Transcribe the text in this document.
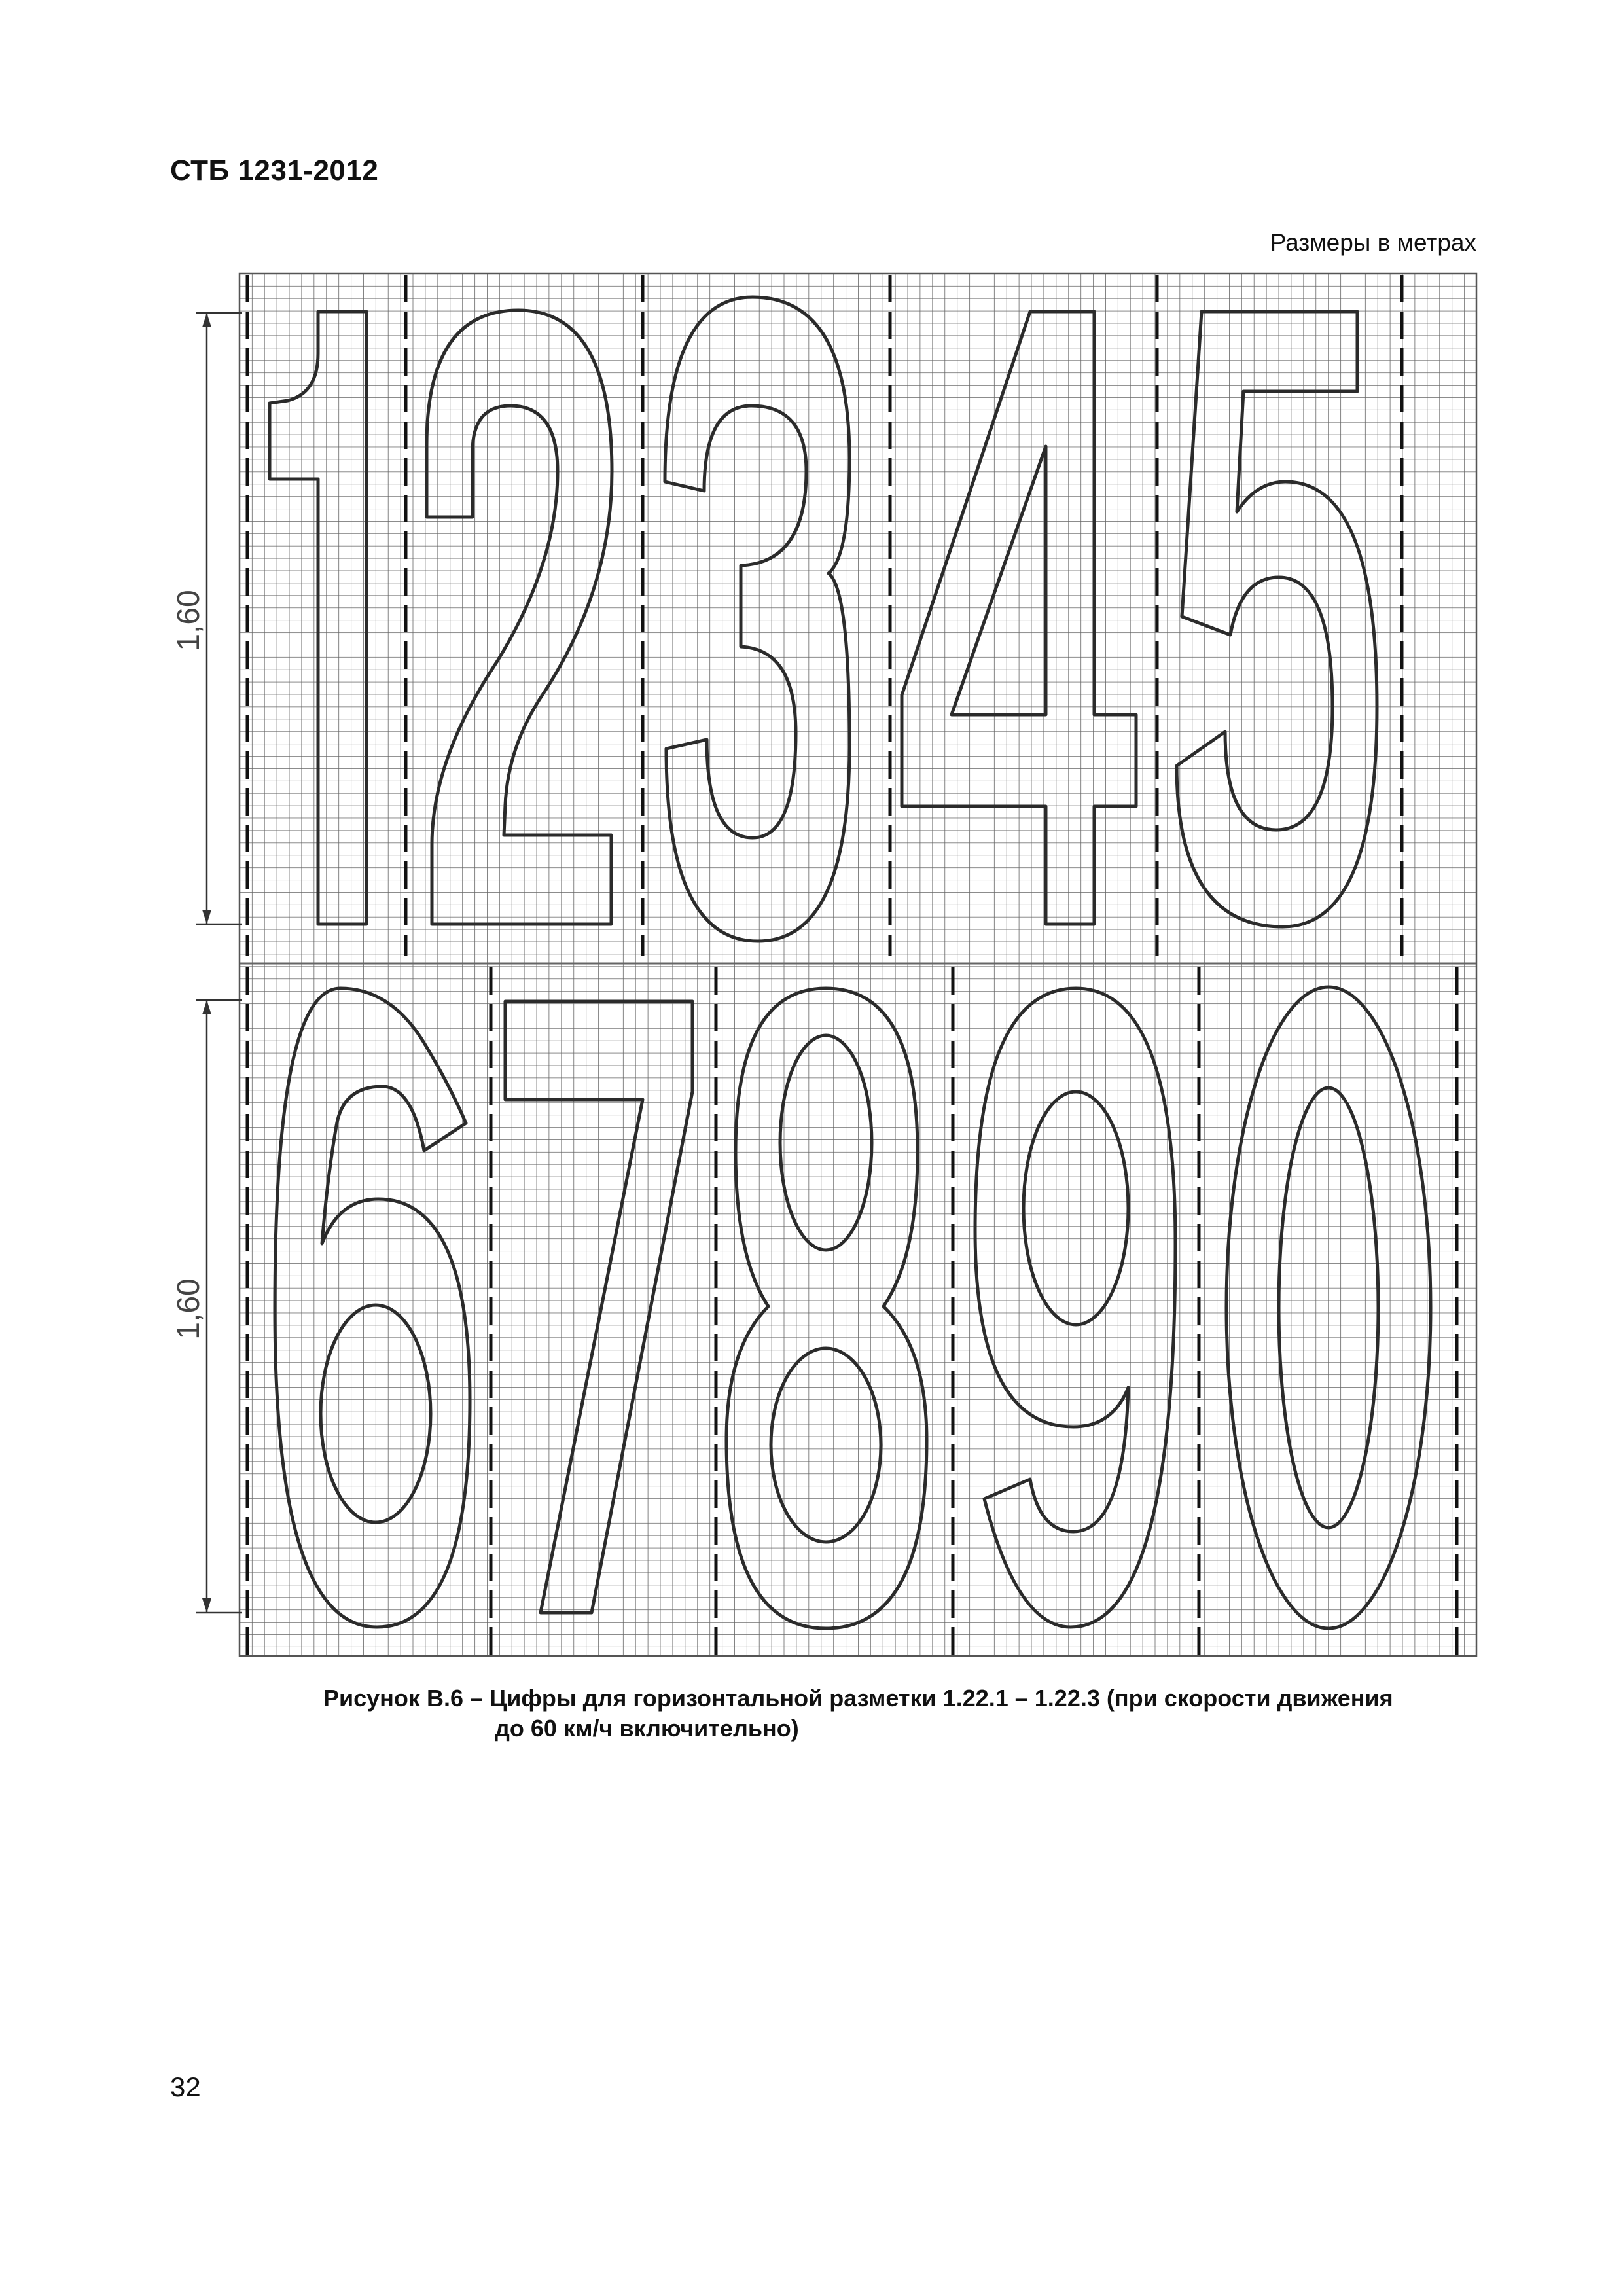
СТБ 1231-2012
Размеры в метрах
1,60
1,60
Рисунок В.6 – Цифры для горизонтальной разметки 1.22.1 – 1.22.3 (при скорости движения
до 60 км/ч включительно)
32
